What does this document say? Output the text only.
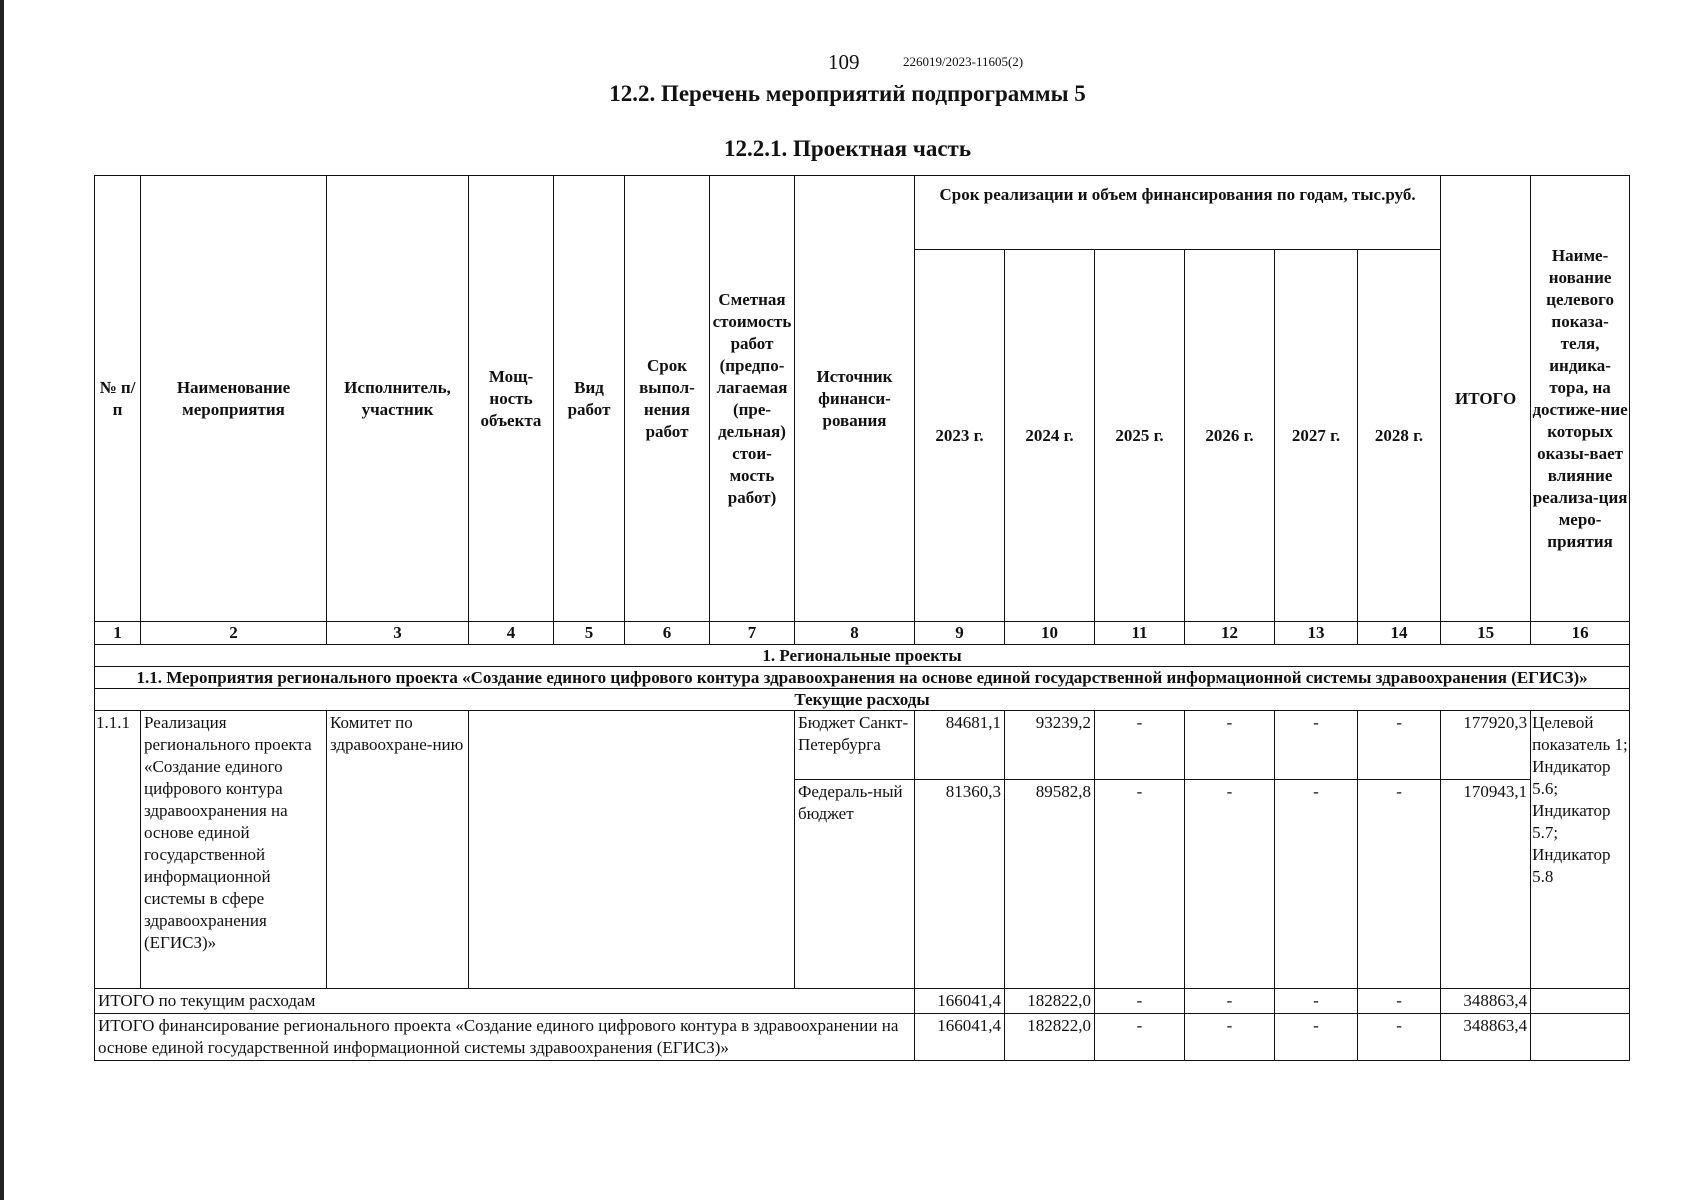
109	226019/2023-11605(2)
12.2. Перечень мероприятий подпрограммы 5
12.2.1. Проектная часть
№ п/п	Наименование мероприятия	Исполнитель, участник	Мощ-ность объекта	Вид работ	Срок выпол-нения работ	Сметная стоимость работ (предпо-лагаемая (пре-дельная) стои-мость работ)	Источник финанси-рования	Срок реализации и объем финансирования по годам, тыс.руб.						ИТОГО	Наиме-нование целевого показа-теля, индика-тора, на достиже-ние которых оказы-вает влияние реализа-ция меро-приятия
								2023 г.	2024 г.	2025 г.	2026 г.	2027 г.	2028 г.		
1	2	3	4	5	6	7	8	9	10	11	12	13	14	15	16
1. Региональные проекты															
1.1. Мероприятия регионального проекта «Создание единого цифрового контура здравоохранения на основе единой государственной информационной системы здравоохранения (ЕГИСЗ)»															
Текущие расходы															
1.1.1	Реализация регионального проекта «Создание единого цифрового контура здравоохранения на основе единой государственной информационной системы в сфере здравоохранения (ЕГИСЗ)»	Комитет по здравоохране-нию					Бюджет Санкт-Петербурга	84681,1	93239,2	-	-	-	-	177920,3	Целевой показатель 1; Индикатор 5.6; Индикатор 5.7; Индикатор 5.8
							Федераль-ный бюджет	81360,3	89582,8	-	-	-	-	170943,1	
ИТОГО по текущим расходам								166041,4	182822,0	-	-	-	-	348863,4	
ИТОГО финансирование регионального проекта «Создание единого цифрового контура в здравоохранении на основе единой государственной информационной системы здравоохранения (ЕГИСЗ)»								166041,4	182822,0	-	-	-	-	348863,4	
